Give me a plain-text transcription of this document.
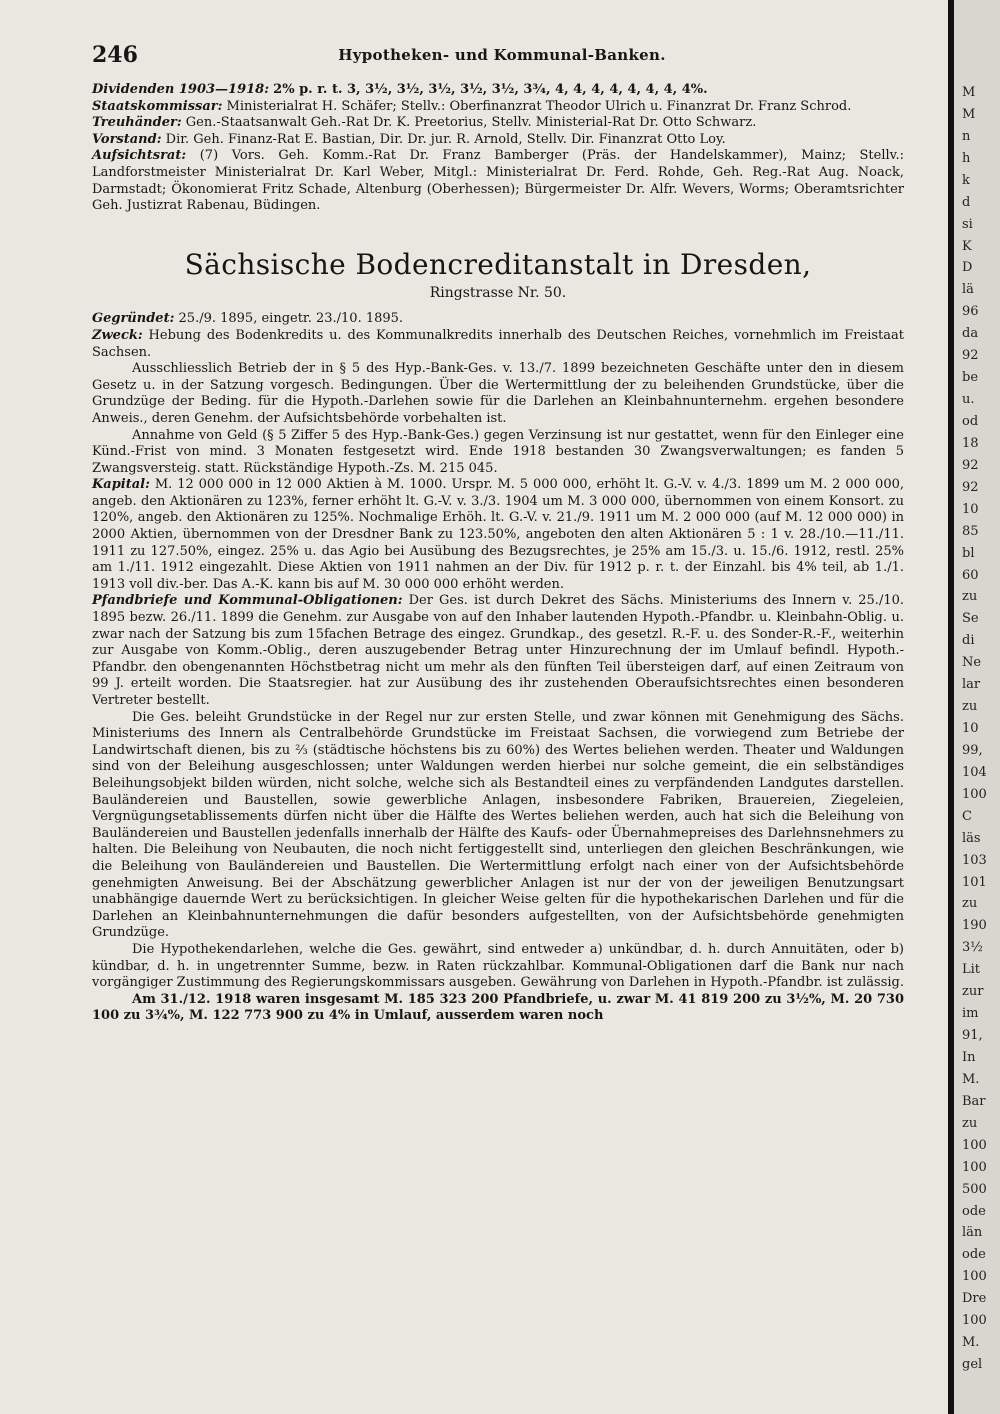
246	Hypotheken- und Kommunal-Banken.

Dividenden 1903—1918: 2% p. r. t. 3, 3½, 3½, 3½, 3½, 3½, 3¾, 4, 4, 4, 4, 4, 4, 4, 4%.

Staatskommissar: Ministerialrat H. Schäfer; Stellv.: Oberfinanzrat Theodor Ulrich u. Finanzrat Dr. Franz Schrod.

Treuhänder: Gen.-Staatsanwalt Geh.-Rat Dr. K. Preetorius, Stellv. Ministerial-Rat Dr. Otto Schwarz.

Vorstand: Dir. Geh. Finanz-Rat E. Bastian, Dir. Dr. jur. R. Arnold, Stellv. Dir. Finanzrat Otto Loy.

Aufsichtsrat: (7) Vors. Geh. Komm.-Rat Dr. Franz Bamberger (Präs. der Handelskammer), Mainz; Stellv.: Landforstmeister Ministerialrat Dr. Karl Weber, Mitgl.: Ministerialrat Dr. Ferd. Rohde, Geh. Reg.-Rat Aug. Noack, Darmstadt; Ökonomierat Fritz Schade, Altenburg (Oberhessen); Bürgermeister Dr. Alfr. Wevers, Worms; Oberamtsrichter Geh. Justizrat Rabenau, Büdingen.

Sächsische Bodencreditanstalt in Dresden,
Ringstrasse Nr. 50.

Gegründet: 25./9. 1895, eingetr. 23./10. 1895.

Zweck: Hebung des Bodenkredits u. des Kommunalkredits innerhalb des Deutschen Reiches, vornehmlich im Freistaat Sachsen.

Ausschliesslich Betrieb der in § 5 des Hyp.-Bank-Ges. v. 13./7. 1899 bezeichneten Geschäfte unter den in diesem Gesetz u. in der Satzung vorgesch. Bedingungen. Über die Wertermittlung der zu beleihenden Grundstücke, über die Grundzüge der Beding. für die Hypoth.-Darlehen sowie für die Darlehen an Kleinbahnunternehm. ergehen besondere Anweis., deren Genehm. der Aufsichtsbehörde vorbehalten ist.

Annahme von Geld (§ 5 Ziffer 5 des Hyp.-Bank-Ges.) gegen Verzinsung ist nur gestattet, wenn für den Einleger eine Künd.-Frist von mind. 3 Monaten festgesetzt wird. Ende 1918 bestanden 30 Zwangsverwaltungen; es fanden 5 Zwangsversteig. statt. Rückständige Hypoth.-Zs. M. 215 045.

Kapital: M. 12 000 000 in 12 000 Aktien à M. 1000. Urspr. M. 5 000 000, erhöht lt. G.-V. v. 4./3. 1899 um M. 2 000 000, angeb. den Aktionären zu 123%, ferner erhöht lt. G.-V. v. 3./3. 1904 um M. 3 000 000, übernommen von einem Konsort. zu 120%, angeb. den Aktionären zu 125%. Nochmalige Erhöh. lt. G.-V. v. 21./9. 1911 um M. 2 000 000 (auf M. 12 000 000) in 2000 Aktien, übernommen von der Dresdner Bank zu 123.50%, angeboten den alten Aktionären 5 : 1 v. 28./10.—11./11. 1911 zu 127.50%, eingez. 25% u. das Agio bei Ausübung des Bezugsrechtes, je 25% am 15./3. u. 15./6. 1912, restl. 25% am 1./11. 1912 eingezahlt. Diese Aktien von 1911 nahmen an der Div. für 1912 p. r. t. der Einzahl. bis 4% teil, ab 1./1. 1913 voll div.-ber. Das A.-K. kann bis auf M. 30 000 000 erhöht werden.

Pfandbriefe und Kommunal-Obligationen: Der Ges. ist durch Dekret des Sächs. Ministeriums des Innern v. 25./10. 1895 bezw. 26./11. 1899 die Genehm. zur Ausgabe von auf den Inhaber lautenden Hypoth.-Pfandbr. u. Kleinbahn-Oblig. u. zwar nach der Satzung bis zum 15fachen Betrage des eingez. Grundkap., des gesetzl. R.-F. u. des Sonder-R.-F., weiterhin zur Ausgabe von Komm.-Oblig., deren auszugebender Betrag unter Hinzurechnung der im Umlauf befindl. Hypoth.-Pfandbr. den obengenannten Höchstbetrag nicht um mehr als den fünften Teil übersteigen darf, auf einen Zeitraum von 99 J. erteilt worden. Die Staatsregier. hat zur Ausübung des ihr zustehenden Oberaufsichtsrechtes einen besonderen Vertreter bestellt.

Die Ges. beleiht Grundstücke in der Regel nur zur ersten Stelle, und zwar können mit Genehmigung des Sächs. Ministeriums des Innern als Centralbehörde Grundstücke im Freistaat Sachsen, die vorwiegend zum Betriebe der Landwirtschaft dienen, bis zu ⅔ (städtische höchstens bis zu 60%) des Wertes beliehen werden. Theater und Waldungen sind von der Beleihung ausgeschlossen; unter Waldungen werden hierbei nur solche gemeint, die ein selbständiges Beleihungsobjekt bilden würden, nicht solche, welche sich als Bestandteil eines zu verpfändenden Landgutes darstellen. Bauländereien und Baustellen, sowie gewerbliche Anlagen, insbesondere Fabriken, Brauereien, Ziegeleien, Vergnügungsetablissements dürfen nicht über die Hälfte des Wertes beliehen werden, auch hat sich die Beleihung von Bauländereien und Baustellen jedenfalls innerhalb der Hälfte des Kaufs- oder Übernahmepreises des Darlehnsnehmers zu halten. Die Beleihung von Neubauten, die noch nicht fertiggestellt sind, unterliegen den gleichen Beschränkungen, wie die Beleihung von Bauländereien und Baustellen. Die Wertermittlung erfolgt nach einer von der Aufsichtsbehörde genehmigten Anweisung. Bei der Abschätzung gewerblicher Anlagen ist nur der von der jeweiligen Benutzungsart unabhängige dauernde Wert zu berücksichtigen. In gleicher Weise gelten für die hypothekarischen Darlehen und für die Darlehen an Kleinbahnunternehmungen die dafür besonders aufgestellten, von der Aufsichtsbehörde genehmigten Grundzüge.

Die Hypothekendarlehen, welche die Ges. gewährt, sind entweder a) unkündbar, d. h. durch Annuitäten, oder b) kündbar, d. h. in ungetrennter Summe, bezw. in Raten rückzahlbar. Kommunal-Obligationen darf die Bank nur nach vorgängiger Zustimmung des Regierungskommissars ausgeben. Gewährung von Darlehen in Hypoth.-Pfandbr. ist zulässig.

Am 31./12. 1918 waren insgesamt M. 185 323 200 Pfandbriefe, u. zwar M. 41 819 200 zu 3½%, M. 20 730 100 zu 3¾%, M. 122 773 900 zu 4% in Umlauf, ausserdem waren noch

M
M
n
h
k
d
si
K
D
lä
96
da
92
be
u.
od
18
92
92
10
85
bl
60
zu
Se
di
Ne
lar
zu
10
99,
104
100
C
läs
103
101
zu
190
3½
Lit
zur
im
91,
In
M.
Bar
zu
100
100
500
ode
län
ode
100
Dre
100
M.
gel
